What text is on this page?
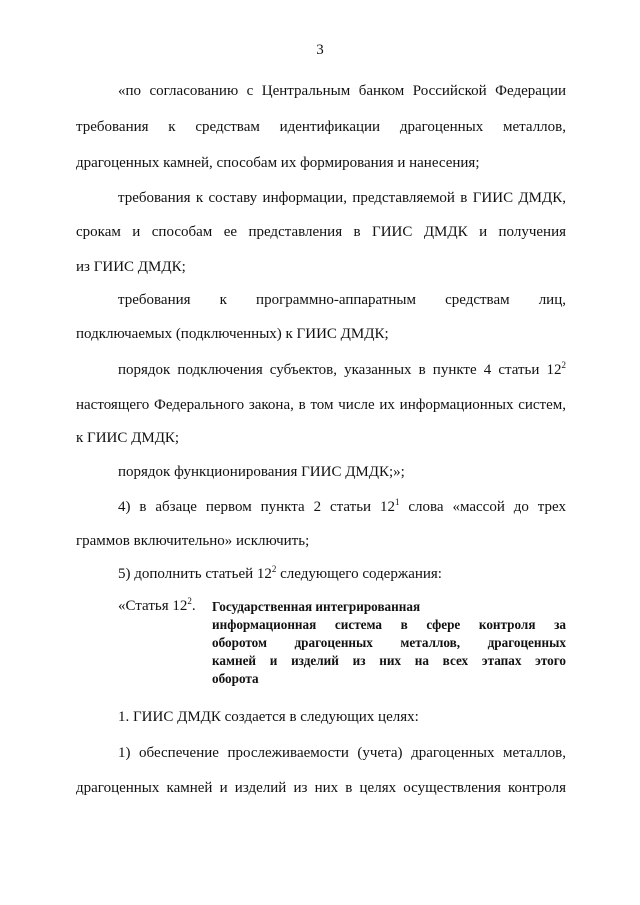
3
«по согласованию с Центральным банком Российской Федерации
требования к средствам идентификации драгоценных металлов,
драгоценных камней, способам их формирования и нанесения;
требования к составу информации, представляемой в ГИИС ДМДК,
срокам и способам ее представления в ГИИС ДМДК и получения
из ГИИС ДМДК;
требования к программно-аппаратным средствам лиц,
подключаемых (подключенных) к ГИИС ДМДК;
порядок подключения субъектов, указанных в пункте 4 статьи $12^2$
настоящего Федерального закона, в том числе их информационных систем,
к ГИИС ДМДК;
порядок функционирования ГИИС ДМДК;»;
4) в абзаце первом пункта 2 статьи $12^1$ слова «массой до трех
граммов включительно» исключить;
5) дополнить статьей $12^2$ следующего содержания:
«Статья $12^2$. Государственная интегрированная
информационная система в сфере контроля за
оборотом драгоценных металлов, драгоценных
камней и изделий из них на всех этапах этого
оборота
1. ГИИС ДМДК создается в следующих целях:
1) обеспечение прослеживаемости (учета) драгоценных металлов,
драгоценных камней и изделий из них в целях осуществления контроля
